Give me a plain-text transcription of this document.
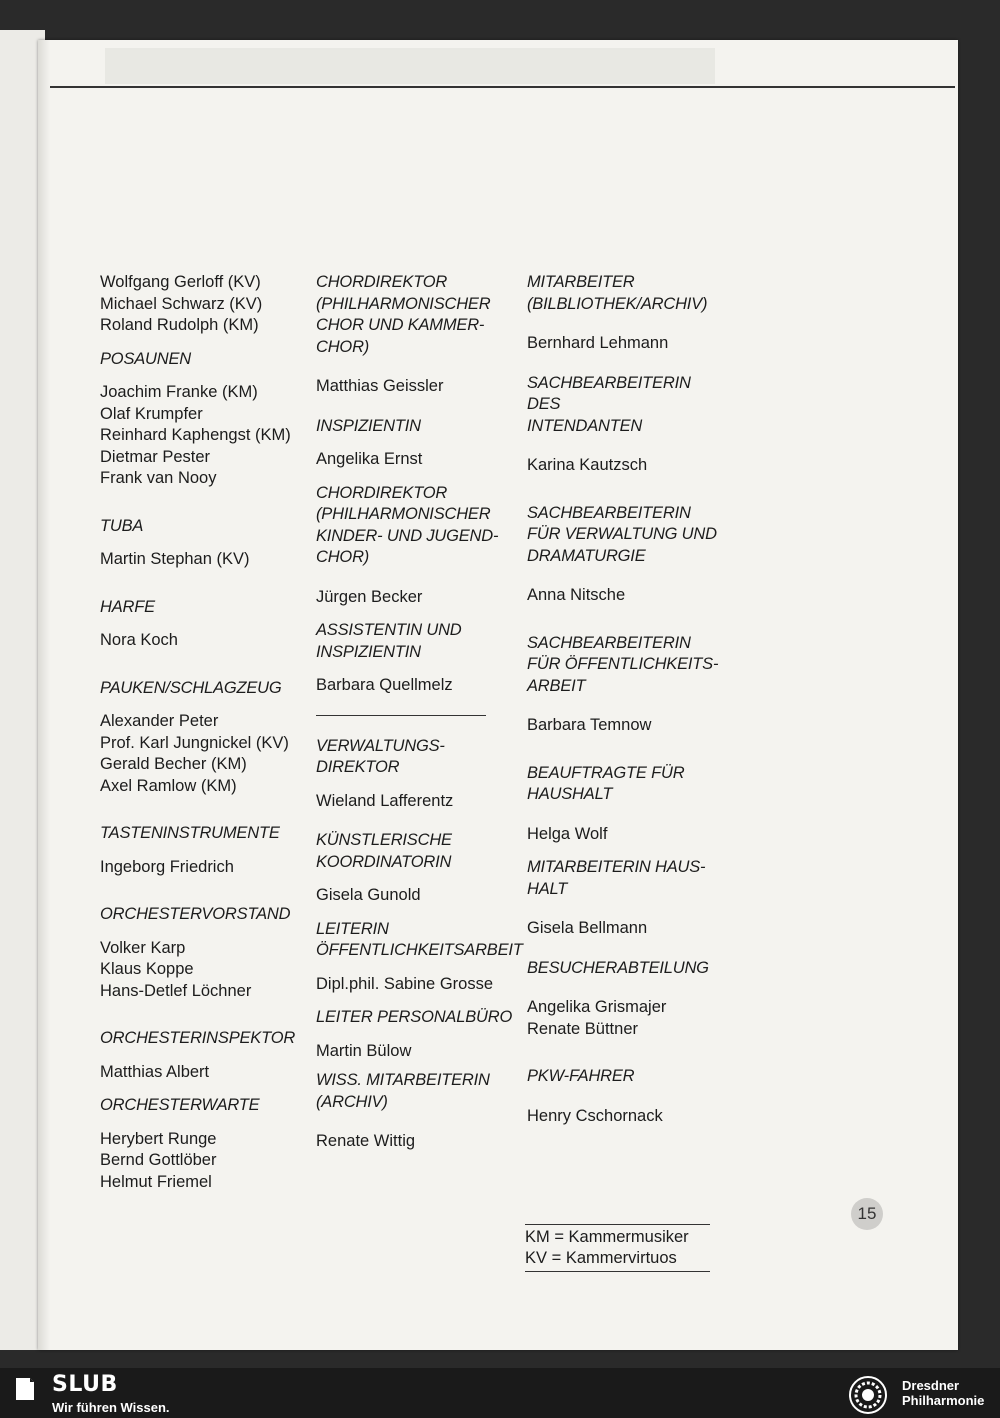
Wolfgang Gerloff (KV)
Michael Schwarz (KV)
Roland Rudolph (KM)
POSAUNEN
Joachim Franke (KM)
Olaf Krumpfer
Reinhard Kaphengst (KM)
Dietmar Pester
Frank van Nooy
TUBA
Martin Stephan (KV)
HARFE
Nora Koch
PAUKEN/SCHLAGZEUG
Alexander Peter
Prof. Karl Jungnickel (KV)
Gerald Becher (KM)
Axel Ramlow (KM)
TASTENINSTRUMENTE
Ingeborg Friedrich
ORCHESTERVORSTAND
Volker Karp
Klaus Koppe
Hans-Detlef Löchner
ORCHESTERINSPEKTOR
Matthias Albert
ORCHESTERWARTE
Herybert Runge
Bernd Gottlöber
Helmut Friemel
CHORDIREKTOR
(PHILHARMONISCHER
CHOR UND KAMMER-
CHOR)
Matthias Geissler
INSPIZIENTIN
Angelika Ernst
CHORDIREKTOR
(PHILHARMONISCHER
KINDER- UND JUGEND-
CHOR)
Jürgen Becker
ASSISTENTIN UND
INSPIZIENTIN
Barbara Quellmelz
VERWALTUNGS-
DIREKTOR
Wieland Lafferentz
KÜNSTLERISCHE
KOORDINATORIN
Gisela Gunold
LEITERIN
ÖFFENTLICHKEITSARBEIT
Dipl.phil. Sabine Grosse
LEITER PERSONALBÜRO
Martin Bülow
WISS. MITARBEITERIN
(ARCHIV)
Renate Wittig
MITARBEITER
(BILBLIOTHEK/ARCHIV)
Bernhard Lehmann
SACHBEARBEITERIN DES
INTENDANTEN
Karina Kautzsch
SACHBEARBEITERIN
FÜR VERWALTUNG UND
DRAMATURGIE
Anna Nitsche
SACHBEARBEITERIN
FÜR ÖFFENTLICHKEITS-
ARBEIT
Barbara Temnow
BEAUFTRAGTE FÜR
HAUSHALT
Helga Wolf
MITARBEITERIN HAUS-
HALT
Gisela Bellmann
BESUCHERABTEILUNG
Angelika Grismajer
Renate Büttner
PKW-FAHRER
Henry Cschornack
KM = Kammermusiker
KV = Kammervirtuos
15
SLUB
Wir führen Wissen.
Dresdner
Philharmonie
